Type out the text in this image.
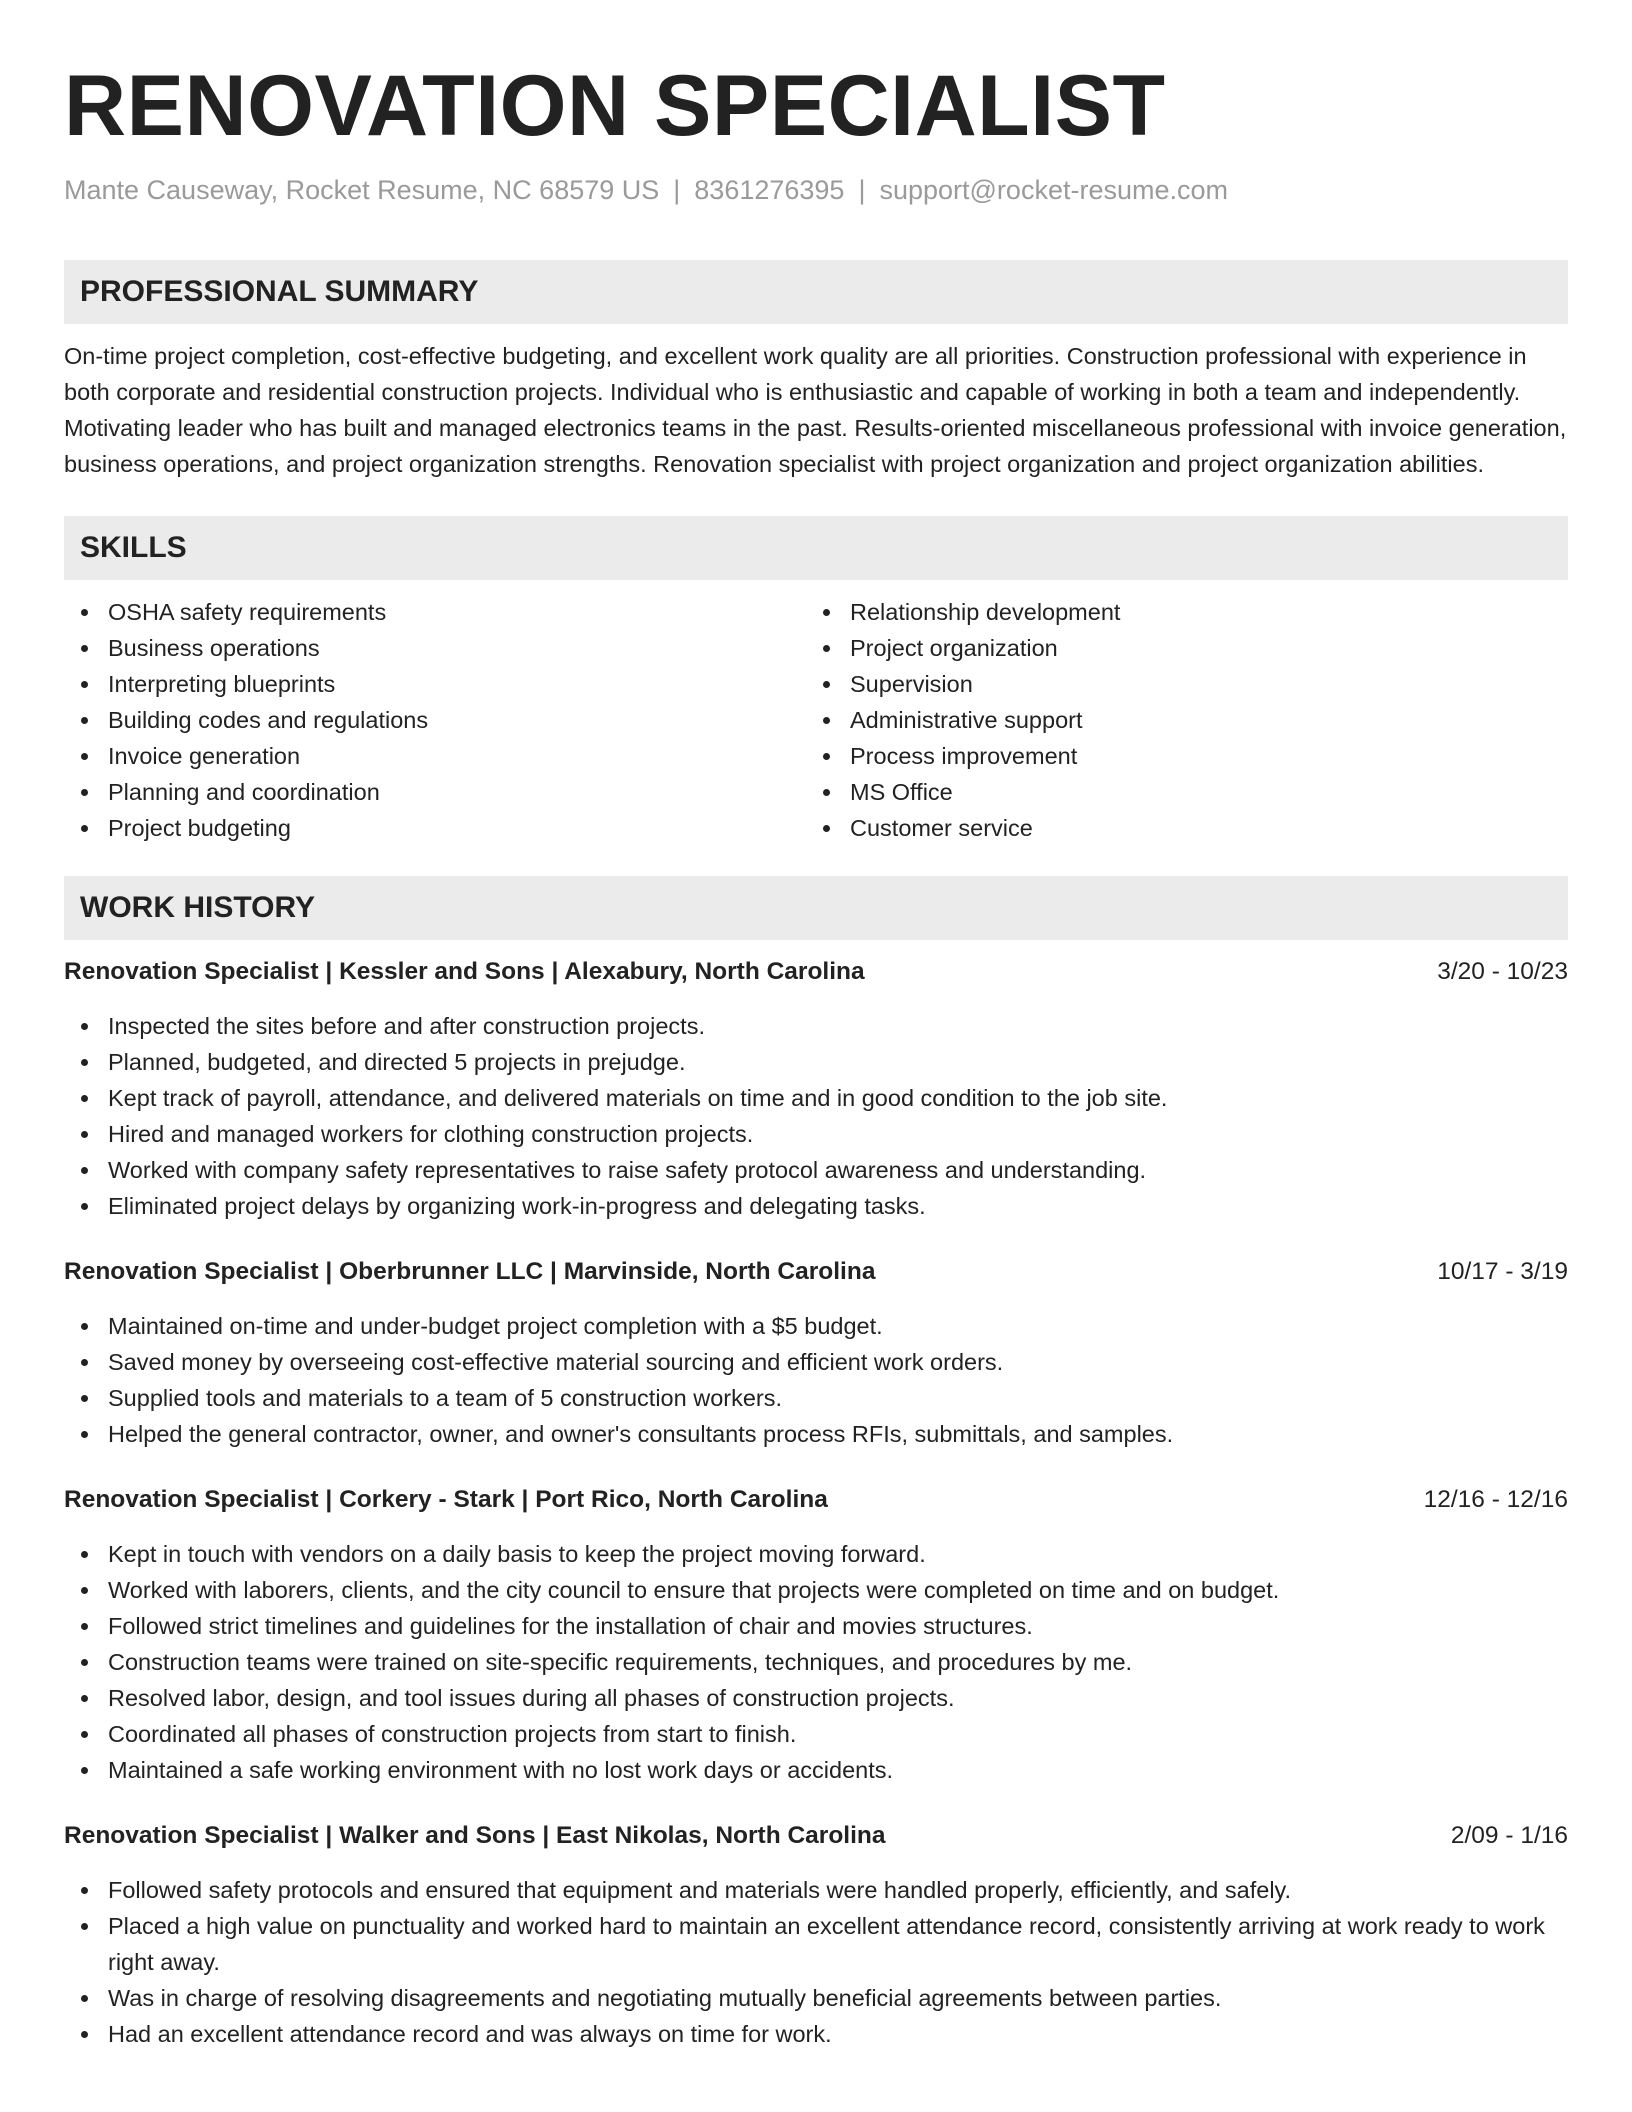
RENOVATION SPECIALIST
Mante Causeway, Rocket Resume, NC 68579 US | 8361276395 | support@rocket-resume.com
PROFESSIONAL SUMMARY
On-time project completion, cost-effective budgeting, and excellent work quality are all priorities. Construction professional with experience in both corporate and residential construction projects. Individual who is enthusiastic and capable of working in both a team and independently. Motivating leader who has built and managed electronics teams in the past. Results-oriented miscellaneous professional with invoice generation, business operations, and project organization strengths. Renovation specialist with project organization and project organization abilities.
SKILLS
OSHA safety requirements
Business operations
Interpreting blueprints
Building codes and regulations
Invoice generation
Planning and coordination
Project budgeting
Relationship development
Project organization
Supervision
Administrative support
Process improvement
MS Office
Customer service
WORK HISTORY
Renovation Specialist | Kessler and Sons | Alexabury, North Carolina	3/20 - 10/23
Inspected the sites before and after construction projects.
Planned, budgeted, and directed 5 projects in prejudge.
Kept track of payroll, attendance, and delivered materials on time and in good condition to the job site.
Hired and managed workers for clothing construction projects.
Worked with company safety representatives to raise safety protocol awareness and understanding.
Eliminated project delays by organizing work-in-progress and delegating tasks.
Renovation Specialist | Oberbrunner LLC | Marvinside, North Carolina	10/17 - 3/19
Maintained on-time and under-budget project completion with a $5 budget.
Saved money by overseeing cost-effective material sourcing and efficient work orders.
Supplied tools and materials to a team of 5 construction workers.
Helped the general contractor, owner, and owner's consultants process RFIs, submittals, and samples.
Renovation Specialist | Corkery - Stark | Port Rico, North Carolina	12/16 - 12/16
Kept in touch with vendors on a daily basis to keep the project moving forward.
Worked with laborers, clients, and the city council to ensure that projects were completed on time and on budget.
Followed strict timelines and guidelines for the installation of chair and movies structures.
Construction teams were trained on site-specific requirements, techniques, and procedures by me.
Resolved labor, design, and tool issues during all phases of construction projects.
Coordinated all phases of construction projects from start to finish.
Maintained a safe working environment with no lost work days or accidents.
Renovation Specialist | Walker and Sons | East Nikolas, North Carolina	2/09 - 1/16
Followed safety protocols and ensured that equipment and materials were handled properly, efficiently, and safely.
Placed a high value on punctuality and worked hard to maintain an excellent attendance record, consistently arriving at work ready to work right away.
Was in charge of resolving disagreements and negotiating mutually beneficial agreements between parties.
Had an excellent attendance record and was always on time for work.
